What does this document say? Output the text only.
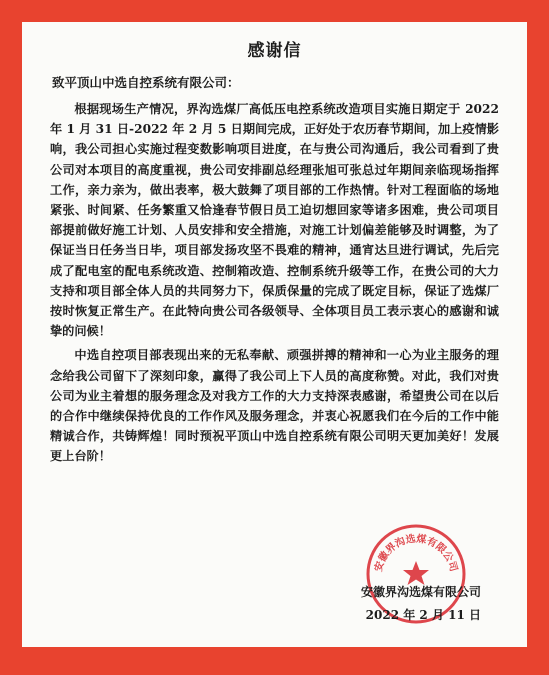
感谢信
致平顶山中选自控系统有限公司：

根据现场生产情况，界沟选煤厂高低压电控系统改造项目实施日期定于 2022 年 1 月 31 日-2022 年 2 月 5 日期间完成，正好处于农历春节期间，加上疫情影响，我公司担心实施过程变数影响项目进度，在与贵公司沟通后，我公司看到了贵公司对本项目的高度重视，贵公司安排副总经理张旭可张总过年期间亲临现场指挥工作，亲力亲为，做出表率，极大鼓舞了项目部的工作热情。针对工程面临的场地紧张、时间紧、任务繁重又恰逢春节假日员工迫切想回家等诸多困难，贵公司项目部提前做好施工计划、人员安排和安全措施，对施工计划偏差能够及时调整，为了保证当日任务当日毕，项目部发扬攻坚不畏难的精神，通宵达旦进行调试，先后完成了配电室的配电系统改造、控制箱改造、控制系统升级等工作，在贵公司的大力支持和项目部全体人员的共同努力下，保质保量的完成了既定目标，保证了选煤厂按时恢复正常生产。在此特向贵公司各级领导、全体项目员工表示衷心的感谢和诚挚的问候！

中选自控项目部表现出来的无私奉献、顽强拼搏的精神和一心为业主服务的理念给我公司留下了深刻印象，赢得了我公司上下人员的高度称赞。对此，我们对贵公司为业主着想的服务理念及对我方工作的大力支持深表感谢，希望贵公司在以后的合作中继续保持优良的工作作风及服务理念，并衷心祝愿我们在今后的工作中能精诚合作，共铸辉煌！同时预祝平顶山中选自控系统有限公司明天更加美好！发展更上台阶！

安徽界沟选煤有限公司
安徽界沟选煤有限公司
2022 年 2 月 11 日
